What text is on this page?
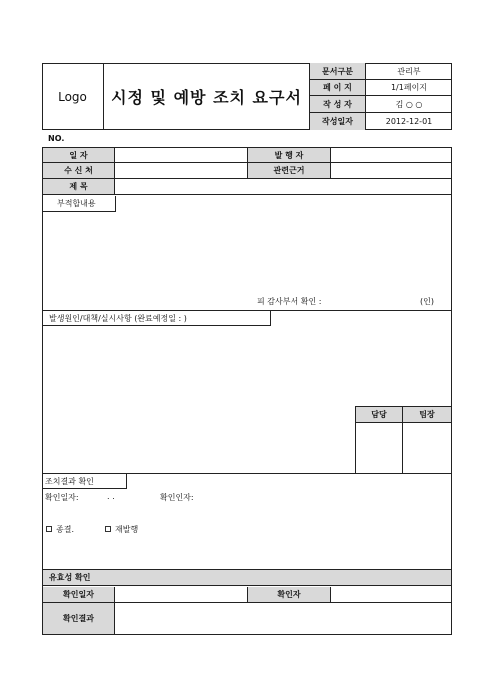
Logo 시정 및 예방 조치 요구서
문서구분	관리부
페 이 지	1/1페이지
작 성 자	김 ○ ○
작성일자	2012-12-01
NO.
일 자	발 행 자
수 신 처	관련근거
제 목
부적합내용
피 감사부서 확인 :	(인)
발생원인/대책/실시사항 (완료예정일 : )
담당	팀장
조치결과 확인
확인일자:	. .	확인인자:
종결.	재발행
유효성 확인
확인일자	확인자
확인결과
